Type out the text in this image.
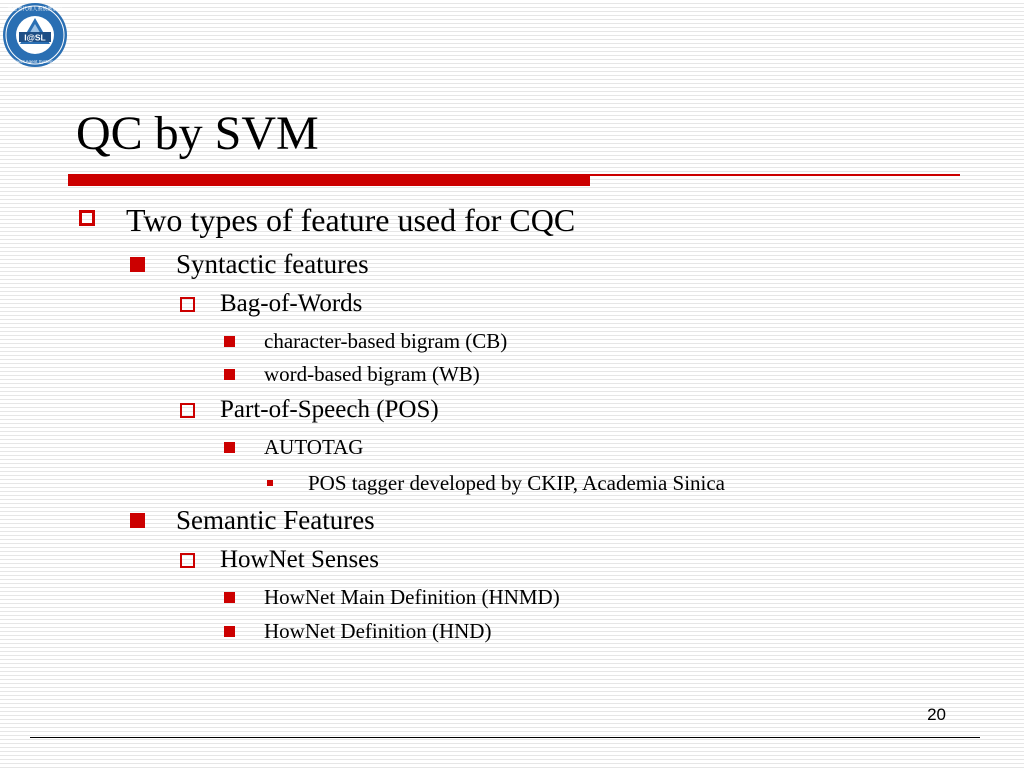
I@SL
智慧型代理人系統實驗室
Intelligent Agent Systems Lab
QC by SVM
Two types of feature used for CQC
Syntactic features
Bag-of-Words
character-based bigram (CB)
word-based bigram (WB)
Part-of-Speech (POS)
AUTOTAG
POS tagger developed by CKIP, Academia Sinica
Semantic Features
HowNet Senses
HowNet Main Definition (HNMD)
HowNet Definition (HND)
20
